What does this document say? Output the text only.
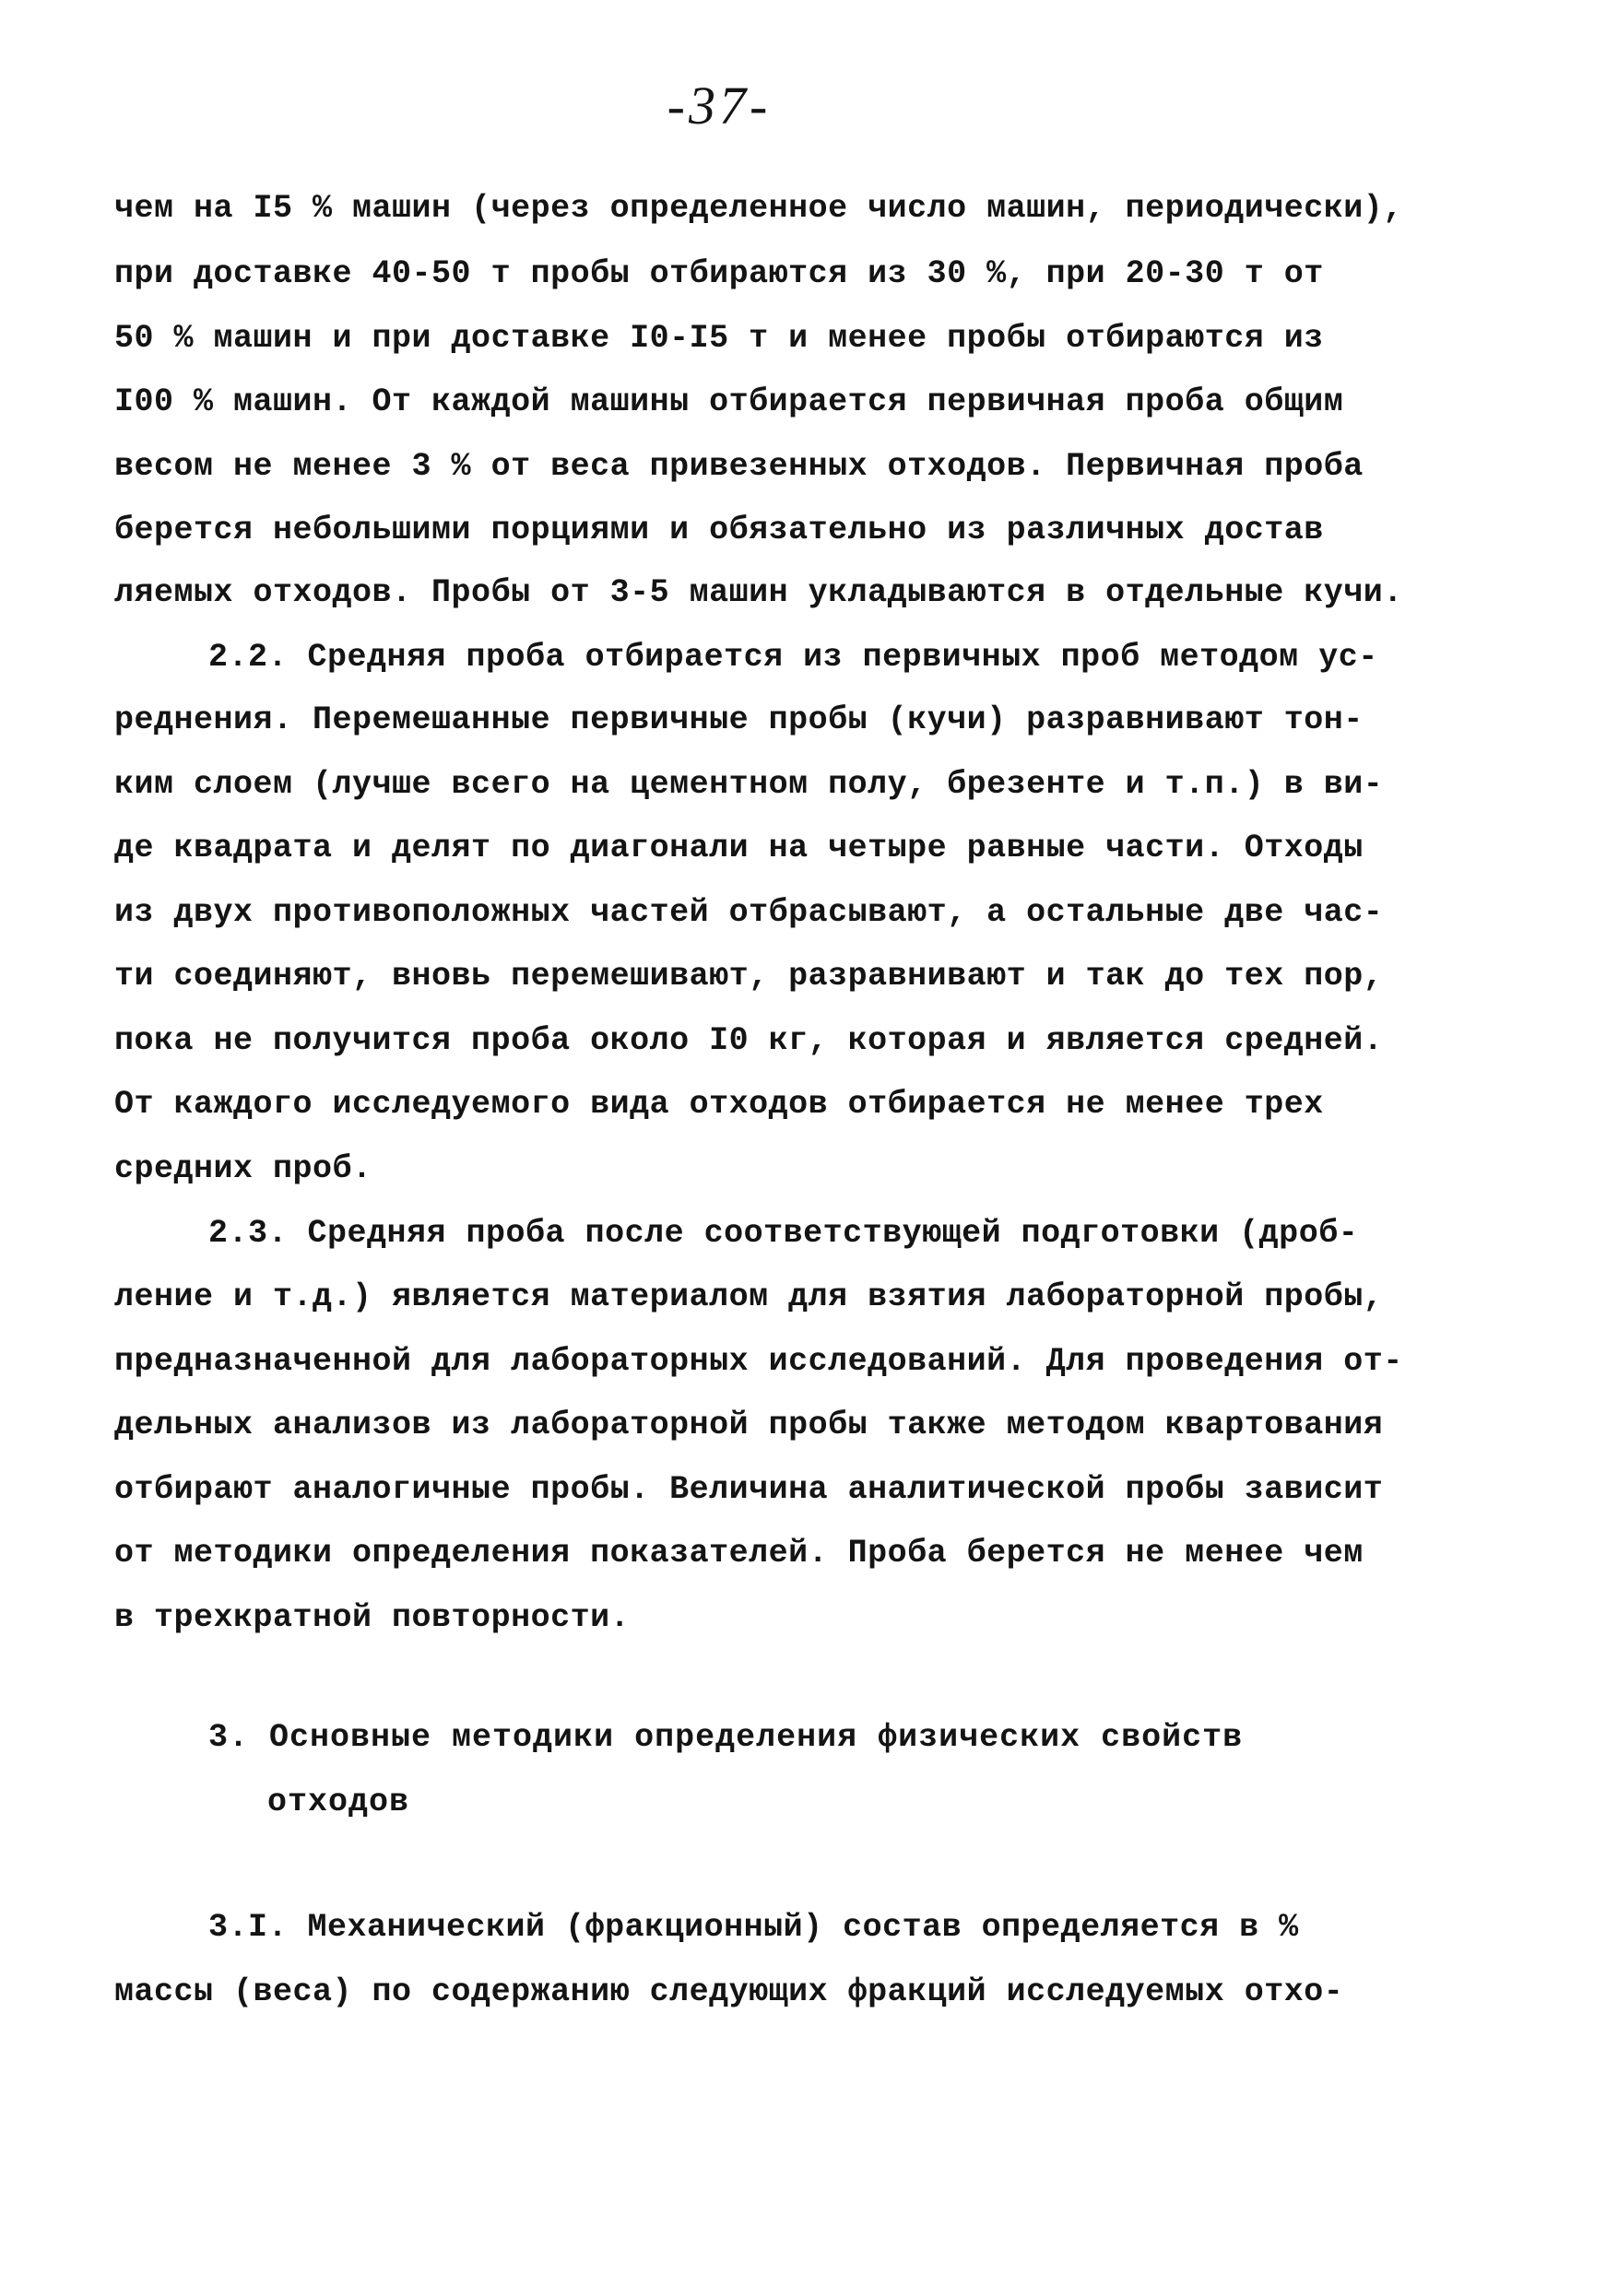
-37-
чем на I5 % машин (через определенное число машин, периодически),
при доставке 40-50 т пробы отбираются из 30 %, при 20-30 т от
50 % машин и при доставке I0-I5 т и менее пробы отбираются из
I00 % машин. От каждой машины отбирается первичная проба общим
весом не менее 3 % от веса привезенных отходов. Первичная проба
берется небольшими порциями и обязательно из различных достав
ляемых отходов. Пробы от 3-5 машин укладываются в отдельные кучи.
2.2. Средняя проба отбирается из первичных проб методом ус-
реднения. Перемешанные первичные пробы (кучи) разравнивают тон-
ким слоем (лучше всего на цементном полу, брезенте и т.п.) в ви-
де квадрата и делят по диагонали на четыре равные части. Отходы
из двух противоположных частей отбрасывают, а остальные две час-
ти соединяют, вновь перемешивают, разравнивают и так до тех пор,
пока не получится проба около I0 кг, которая и является средней.
От каждого исследуемого вида отходов отбирается не менее трех
средних проб.
2.3. Средняя проба после соответствующей подготовки (дроб-
ление и т.д.) является материалом для взятия лабораторной пробы,
предназначенной для лабораторных исследований. Для проведения от-
дельных анализов из лабораторной пробы также методом квартования
отбирают аналогичные пробы. Величина аналитической пробы зависит
от методики определения показателей. Проба берется не менее чем
в трехкратной повторности.
3. Основные методики определения физических свойств
отходов
3.I. Механический (фракционный) состав определяется в %
массы (веса) по содержанию следующих фракций исследуемых отхо-
